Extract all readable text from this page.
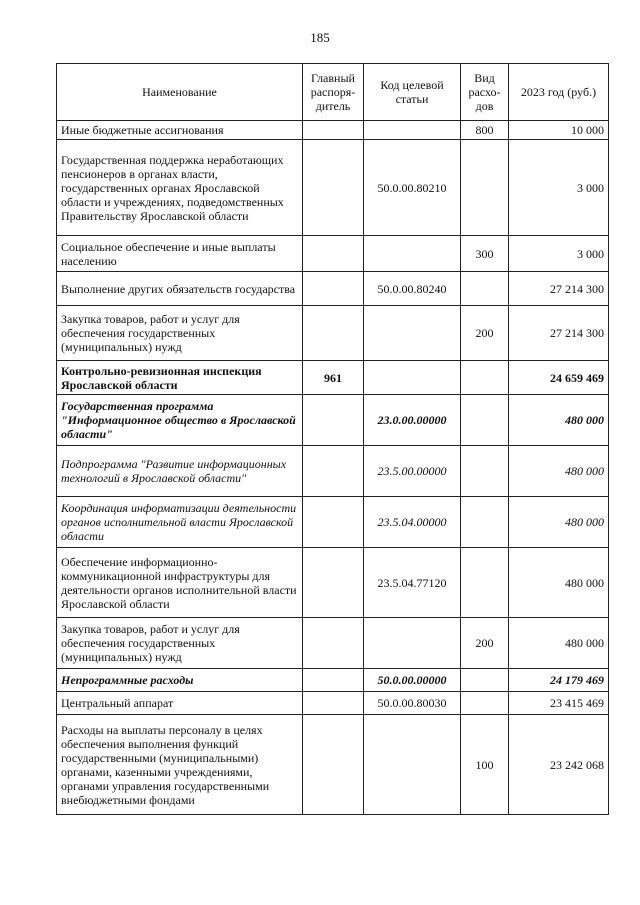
185
Наименование	Главный распоря-дитель	Код целевой статьи	Вид расхо-дов	2023 год (руб.)
Иные бюджетные ассигнования			800	10 000
Государственная поддержка неработающих пенсионеров в органах власти, государственных органах Ярославской области и учреждениях, подведомственных Правительству Ярославской области		50.0.00.80210		3 000
Социальное обеспечение и иные выплаты населению			300	3 000
Выполнение других обязательств государства		50.0.00.80240		27 214 300
Закупка товаров, работ и услуг для обеспечения государственных (муниципальных) нужд			200	27 214 300
Контрольно-ревизионная инспекция Ярославской области	961			24 659 469
Государственная программа "Информационное общество в Ярославской области"		23.0.00.00000		480 000
Подпрограмма "Развитие информационных технологий в Ярославской области"		23.5.00.00000		480 000
Координация информатизации деятельности органов исполнительной власти Ярославской области		23.5.04.00000		480 000
Обеспечение информационно-коммуникационной инфраструктуры для деятельности органов исполнительной власти Ярославской области		23.5.04.77120		480 000
Закупка товаров, работ и услуг для обеспечения государственных (муниципальных) нужд			200	480 000
Непрограммные расходы		50.0.00.00000		24 179 469
Центральный аппарат		50.0.00.80030		23 415 469
Расходы на выплаты персоналу в целях обеспечения выполнения функций государственными (муниципальными) органами, казенными учреждениями, органами управления государственными внебюджетными фондами			100	23 242 068
